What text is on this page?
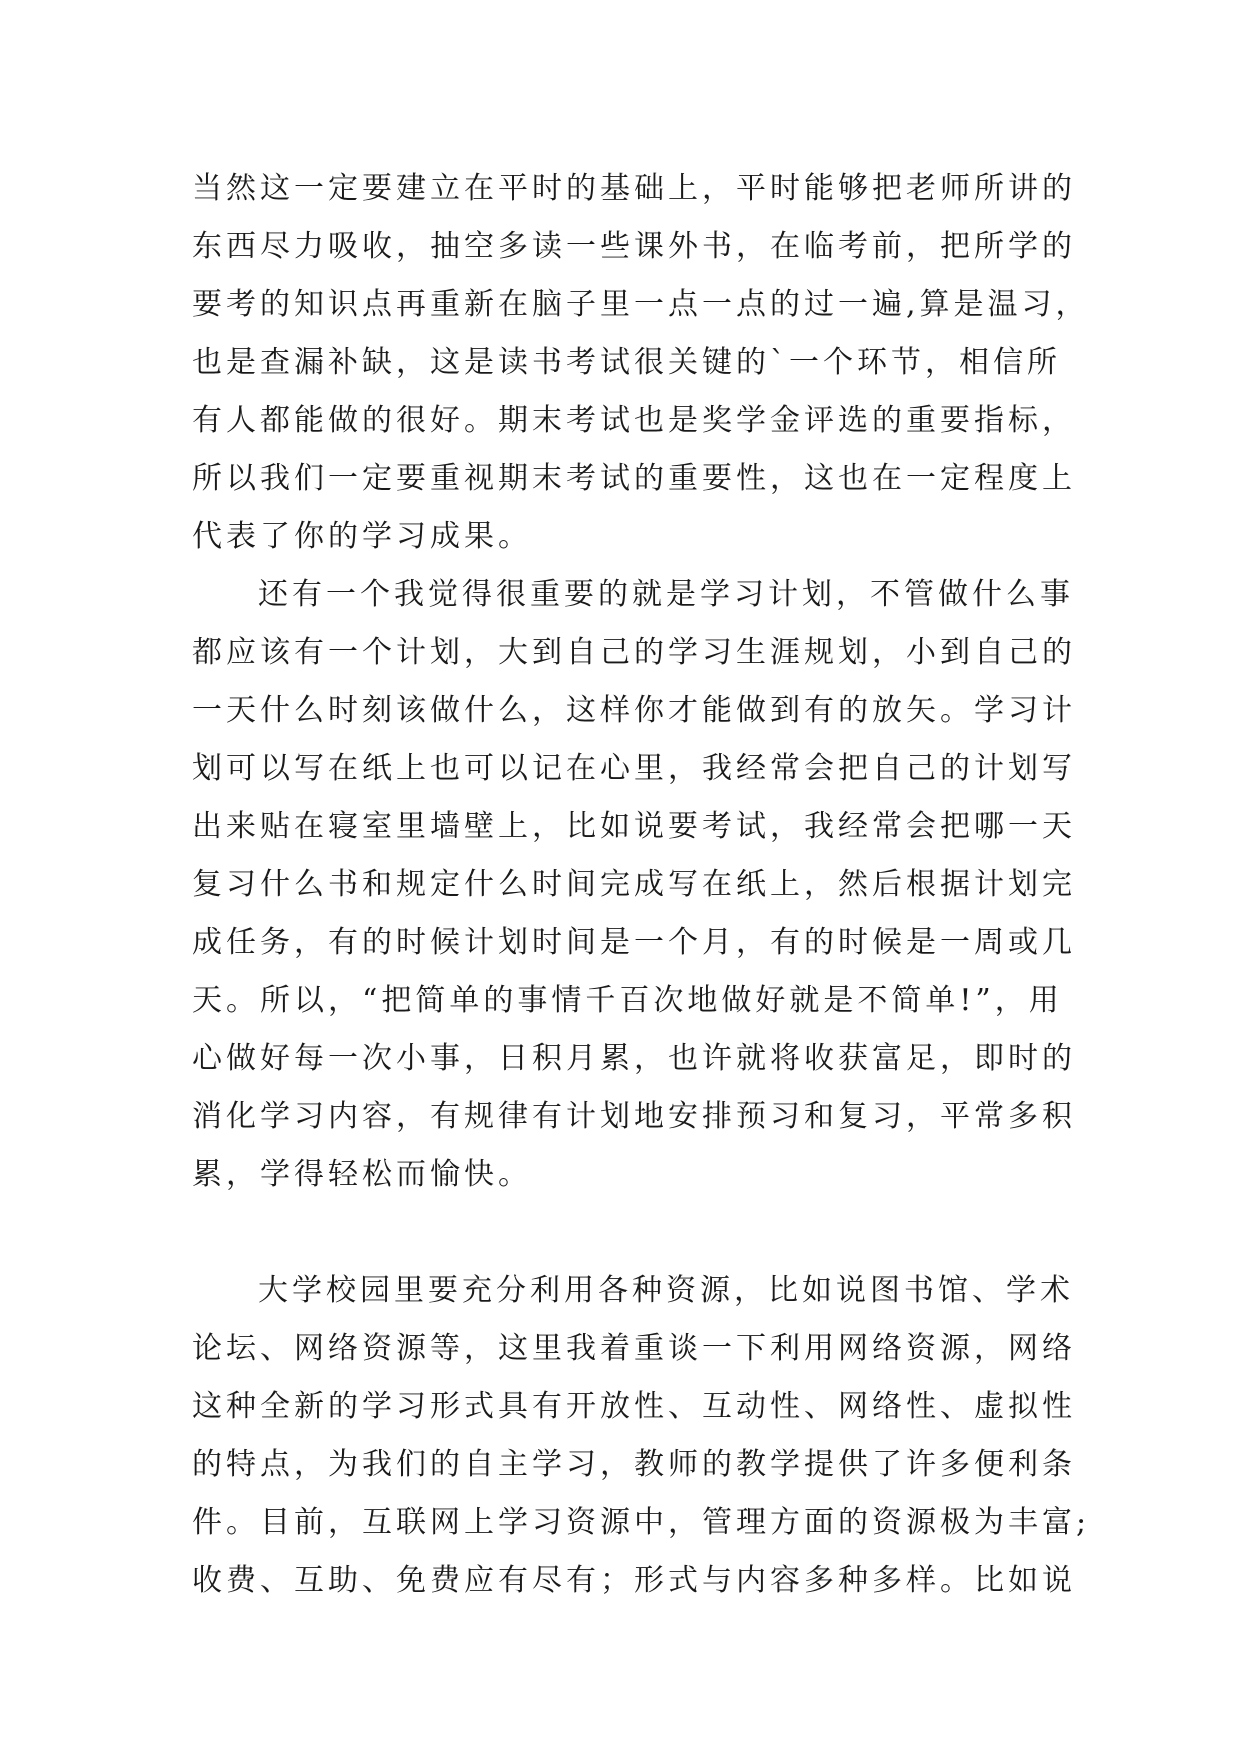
当然这一定要建立在平时的基础上，平时能够把老师所讲的
东西尽力吸收，抽空多读一些课外书，在临考前，把所学的
要考的知识点再重新在脑子里一点一点的过一遍,算是温习，
也是查漏补缺，这是读书考试很关键的`一个环节，相信所
有人都能做的很好。期末考试也是奖学金评选的重要指标，
所以我们一定要重视期末考试的重要性，这也在一定程度上
代表了你的学习成果。
还有一个我觉得很重要的就是学习计划，不管做什么事
都应该有一个计划，大到自己的学习生涯规划，小到自己的
一天什么时刻该做什么，这样你才能做到有的放矢。学习计
划可以写在纸上也可以记在心里，我经常会把自己的计划写
出来贴在寝室里墙壁上，比如说要考试，我经常会把哪一天
复习什么书和规定什么时间完成写在纸上，然后根据计划完
成任务，有的时候计划时间是一个月，有的时候是一周或几
天。所以，“把简单的事情千百次地做好就是不简单!”，用
心做好每一次小事，日积月累，也许就将收获富足，即时的
消化学习内容，有规律有计划地安排预习和复习，平常多积
累，学得轻松而愉快。
大学校园里要充分利用各种资源，比如说图书馆、学术
论坛、网络资源等，这里我着重谈一下利用网络资源，网络
这种全新的学习形式具有开放性、互动性、网络性、虚拟性
的特点，为我们的自主学习，教师的教学提供了许多便利条
件。目前，互联网上学习资源中，管理方面的资源极为丰富;
收费、互助、免费应有尽有；形式与内容多种多样。比如说
